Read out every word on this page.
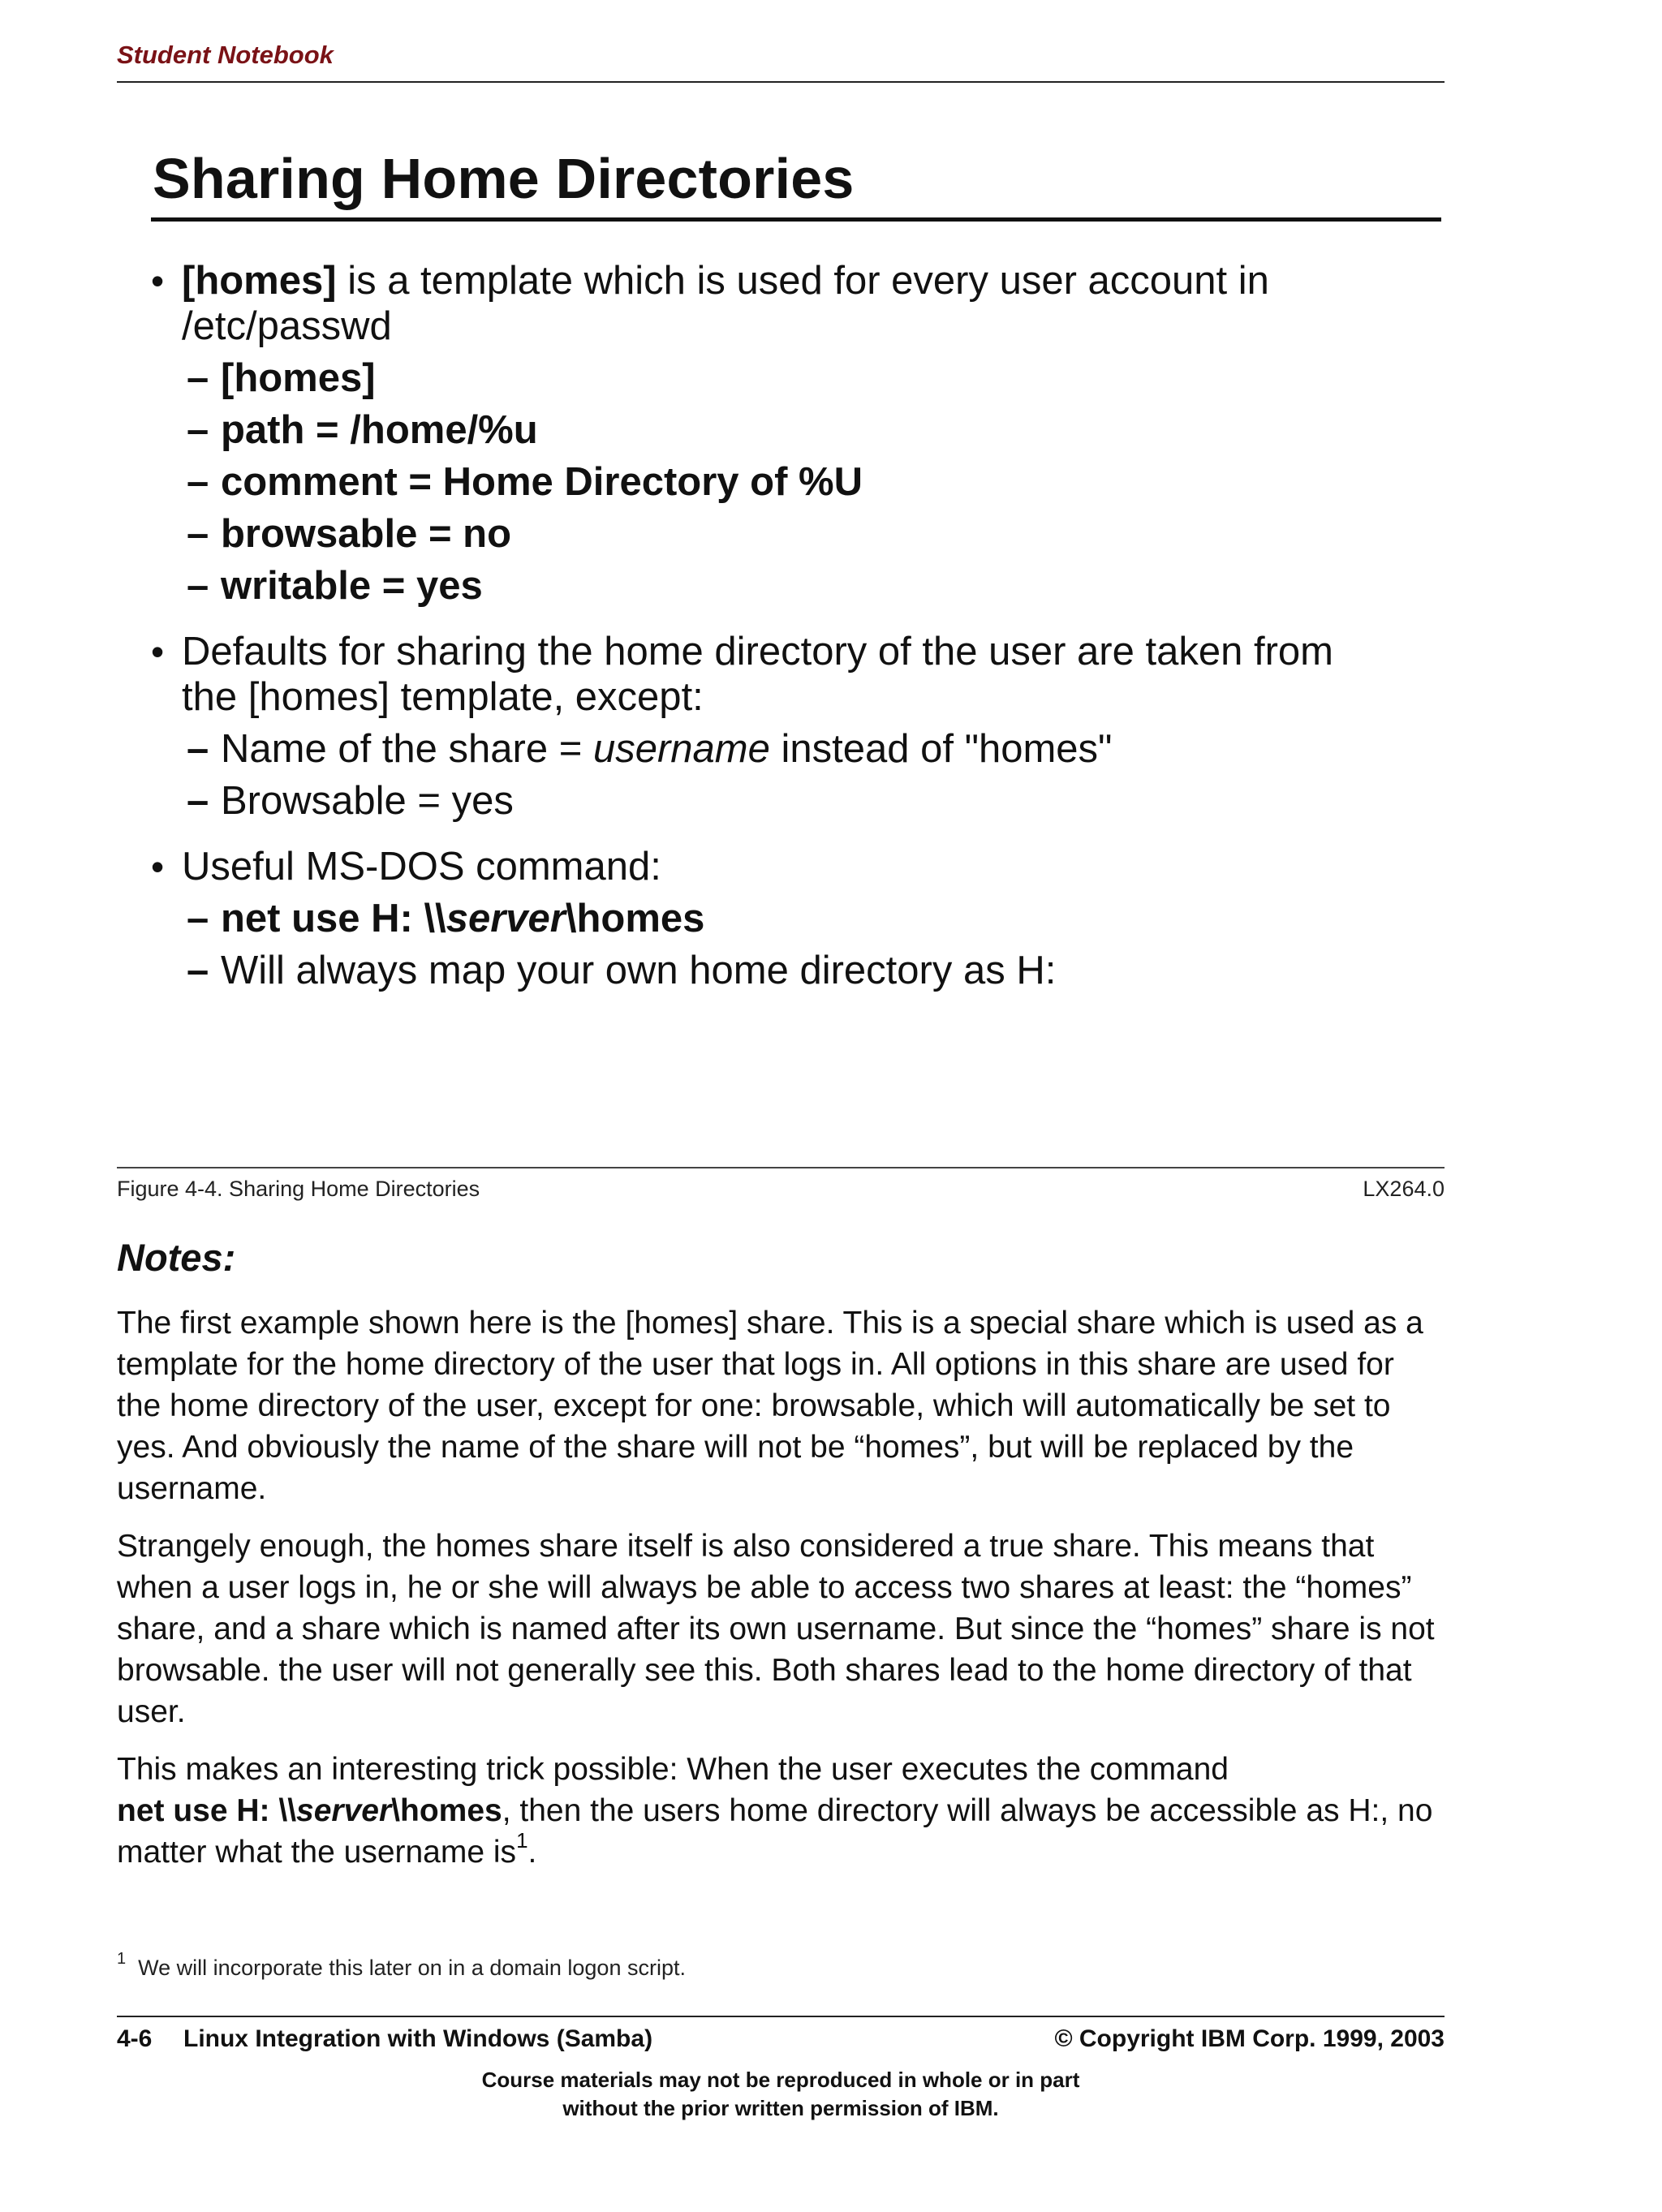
Student Notebook
Sharing Home Directories
• [homes] is a template which is used for every user account in
/etc/passwd
– [homes]
– path = /home/%u
– comment = Home Directory of %U
– browsable = no
– writable = yes
• Defaults for sharing the home directory of the user are taken from
the [homes] template, except:
– Name of the share = username instead of "homes"
– Browsable = yes
• Useful MS-DOS command:
– net use H: \\server\homes
– Will always map your own home directory as H:
Figure 4-4. Sharing Home Directories	LX264.0
Notes:
The first example shown here is the [homes] share. This is a special share which is used as a template for the home directory of the user that logs in. All options in this share are used for the home directory of the user, except for one: browsable, which will automatically be set to yes. And obviously the name of the share will not be “homes”, but will be replaced by the username.
Strangely enough, the homes share itself is also considered a true share. This means that when a user logs in, he or she will always be able to access two shares at least: the “homes” share, and a share which is named after its own username. But since the “homes” share is not browsable. the user will not generally see this. Both shares lead to the home directory of that user.
This makes an interesting trick possible: When the user executes the command
net use H: \\server\homes, then the users home directory will always be accessible as H:, no matter what the username $is^1$.
$^1$ We will incorporate this later on in a domain logon script.
4-6 Linux Integration with Windows (Samba)	© Copyright IBM Corp. 1999, 2003
Course materials may not be reproduced in whole or in part
without the prior written permission of IBM.
